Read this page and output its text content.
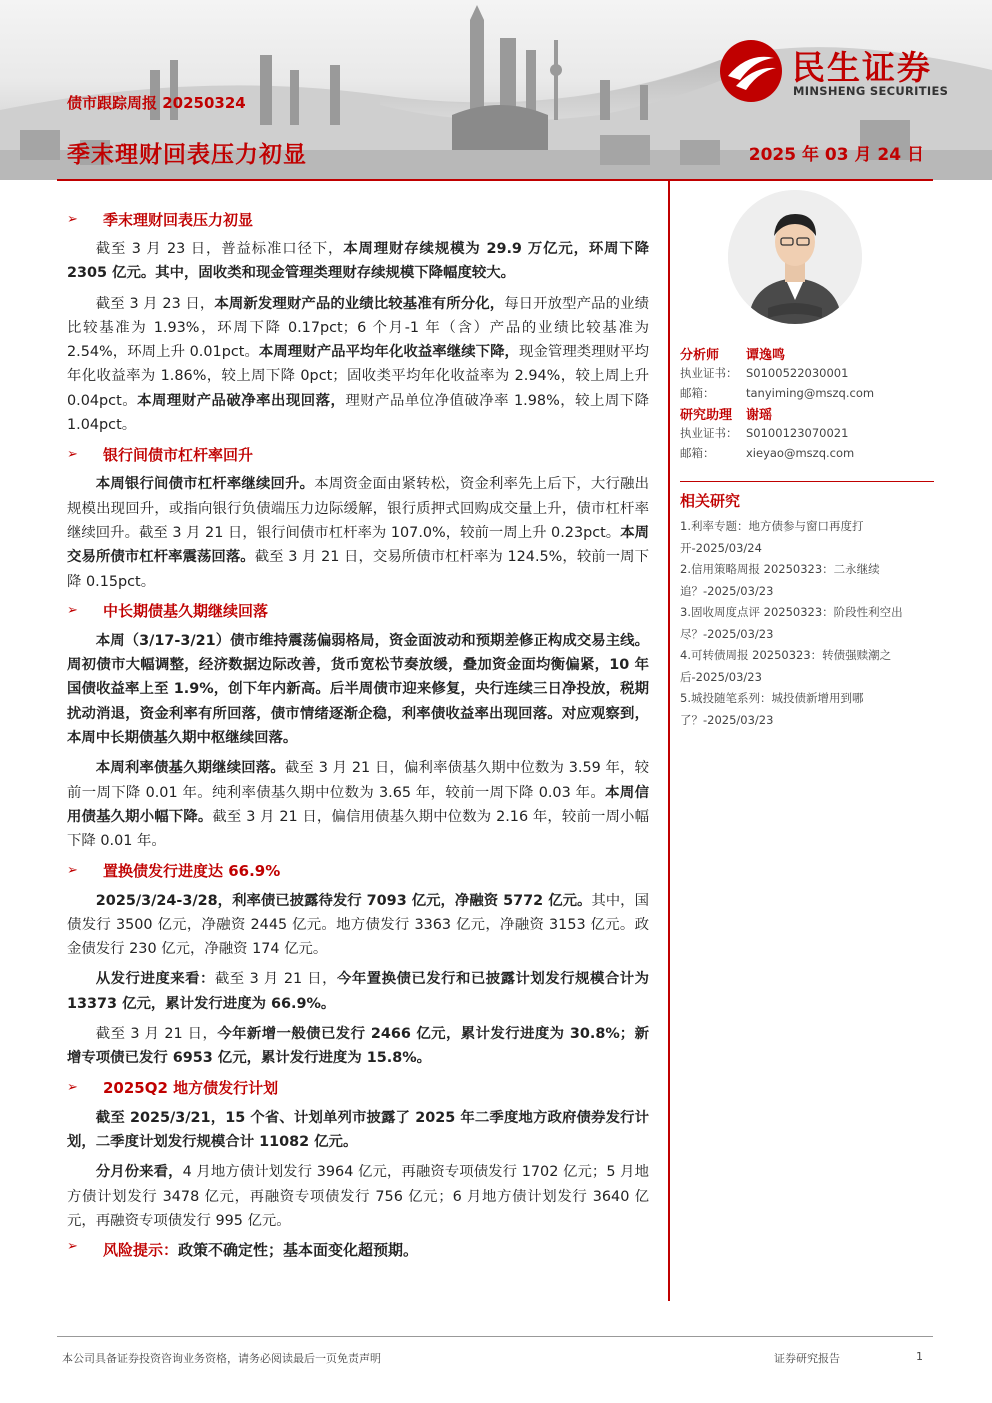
债市跟踪周报 20250324
季末理财回表压力初显	2025 年 03 月 24 日
民生证券
MINSHENG SECURITIES
➢	季末理财回表压力初显
截至 3 月 23 日，普益标准口径下，本周理财存续规模为 29.9 万亿元，环周下降 2305 亿元。其中，固收类和现金管理类理财存续规模下降幅度较大。
截至 3 月 23 日，本周新发理财产品的业绩比较基准有所分化，每日开放型产品的业绩比较基准为 1.93%，环周下降 0.17pct；6 个月-1 年（含）产品的业绩比较基准为 2.54%，环周上升 0.01pct。本周理财产品平均年化收益率继续下降，现金管理类理财平均年化收益率为 1.86%，较上周下降 0pct；固收类平均年化收益率为 2.94%，较上周上升 0.04pct。本周理财产品破净率出现回落，理财产品单位净值破净率 1.98%，较上周下降 1.04pct。
➢	银行间债市杠杆率回升
本周银行间债市杠杆率继续回升。本周资金面由紧转松，资金利率先上后下，大行融出规模出现回升，或指向银行负债端压力边际缓解，银行质押式回购成交量上升，债市杠杆率继续回升。截至 3 月 21 日，银行间债市杠杆率为 107.0%，较前一周上升 0.23pct。本周交易所债市杠杆率震荡回落。截至 3 月 21 日，交易所债市杠杆率为 124.5%，较前一周下降 0.15pct。
➢	中长期债基久期继续回落
本周（3/17-3/21）债市维持震荡偏弱格局，资金面波动和预期差修正构成交易主线。周初债市大幅调整，经济数据边际改善，货币宽松节奏放缓，叠加资金面均衡偏紧，10 年国债收益率上至 1.9%，创下年内新高。后半周债市迎来修复，央行连续三日净投放，税期扰动消退，资金利率有所回落，债市情绪逐渐企稳，利率债收益率出现回落。对应观察到，本周中长期债基久期中枢继续回落。
本周利率债基久期继续回落。截至 3 月 21 日，偏利率债基久期中位数为 3.59 年，较前一周下降 0.01 年。纯利率债基久期中位数为 3.65 年，较前一周下降 0.03 年。本周信用债基久期小幅下降。截至 3 月 21 日，偏信用债基久期中位数为 2.16 年，较前一周小幅下降 0.01 年。
➢	置换债发行进度达 66.9%
2025/3/24-3/28，利率债已披露待发行 7093 亿元，净融资 5772 亿元。其中，国债发行 3500 亿元，净融资 2445 亿元。地方债发行 3363 亿元，净融资 3153 亿元。政金债发行 230 亿元，净融资 174 亿元。
从发行进度来看：截至 3 月 21 日，今年置换债已发行和已披露计划发行规模合计为 13373 亿元，累计发行进度为 66.9%。
截至 3 月 21 日，今年新增一般债已发行 2466 亿元，累计发行进度为 30.8%；新增专项债已发行 6953 亿元，累计发行进度为 15.8%。
➢	2025Q2 地方债发行计划
截至 2025/3/21，15 个省、计划单列市披露了 2025 年二季度地方政府债券发行计划，二季度计划发行规模合计 11082 亿元。
分月份来看，4 月地方债计划发行 3964 亿元，再融资专项债发行 1702 亿元；5 月地方债计划发行 3478 亿元，再融资专项债发行 756 亿元；6 月地方债计划发行 3640 亿元，再融资专项债发行 995 亿元。
➢	风险提示： 政策不确定性；基本面变化超预期。
分析师	谭逸鸣
执业证书： S0100522030001
邮箱：	tanyiming@mszq.com
研究助理	谢瑶
执业证书： S0100123070021
邮箱：	xieyao@mszq.com
相关研究
1.利率专题：地方债参与窗口再度打开-2025/03/24
2.信用策略周报 20250323：二永继续追？-2025/03/23
3.固收周度点评 20250323：阶段性利空出尽？-2025/03/23
4.可转债周报 20250323：转债强赎潮之后-2025/03/23
5.城投随笔系列：城投债新增用到哪了？-2025/03/23
本公司具备证券投资咨询业务资格，请务必阅读最后一页免责声明	证券研究报告	1
